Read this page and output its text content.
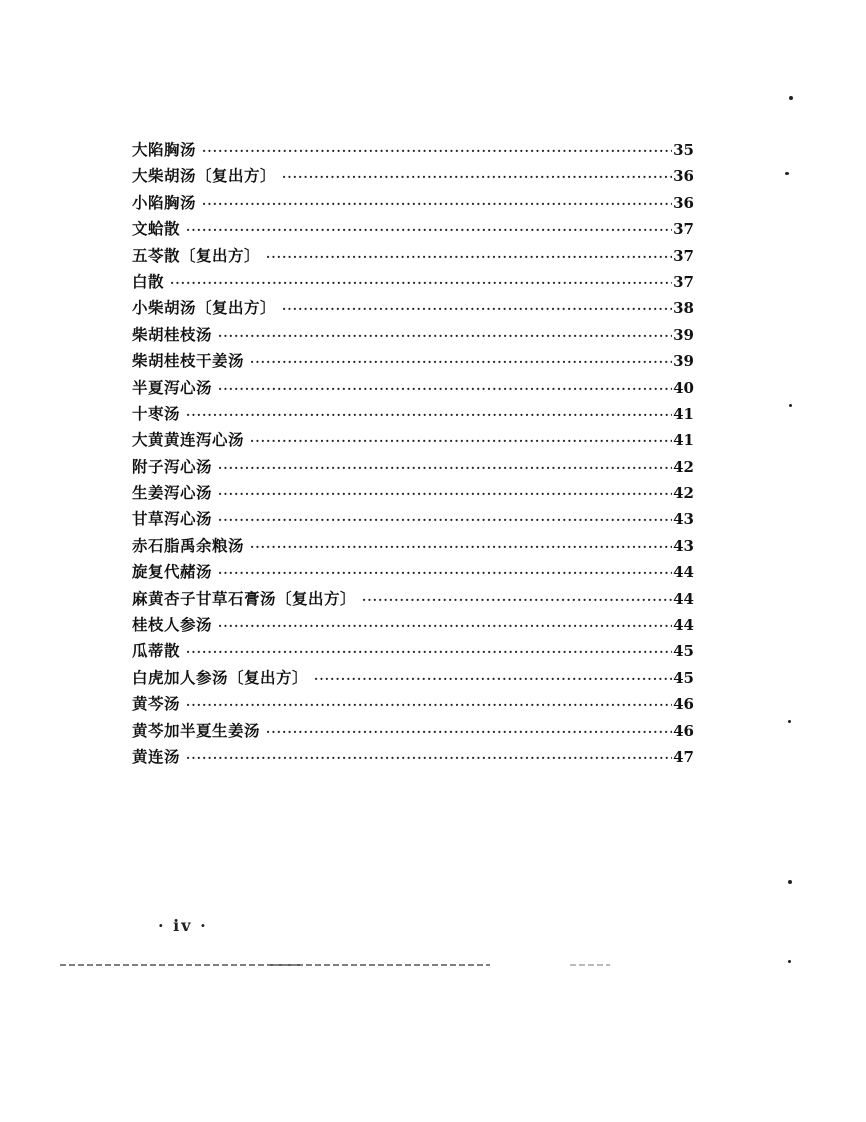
大陷胸汤 ·····	35
大柴胡汤〔复出方〕 ·····	36
小陷胸汤 ·····	36
文蛤散 ·····	37
五苓散〔复出方〕 ·····	37
白散 ·····	37
小柴胡汤〔复出方〕 ·····	38
柴胡桂枝汤 ·····	39
柴胡桂枝干姜汤 ·····	39
半夏泻心汤 ·····	40
十枣汤 ·····	41
大黄黄连泻心汤 ·····	41
附子泻心汤 ·····	42
生姜泻心汤 ·····	42
甘草泻心汤 ·····	43
赤石脂禹余粮汤 ·····	43
旋复代赭汤 ·····	44
麻黄杏子甘草石膏汤〔复出方〕 ·····	44
桂枝人参汤 ·····	44
瓜蒂散 ·····	45
白虎加人参汤〔复出方〕 ·····	45
黄芩汤 ·····	46
黄芩加半夏生姜汤 ·····	46
黄连汤 ·····	47
· iv ·
